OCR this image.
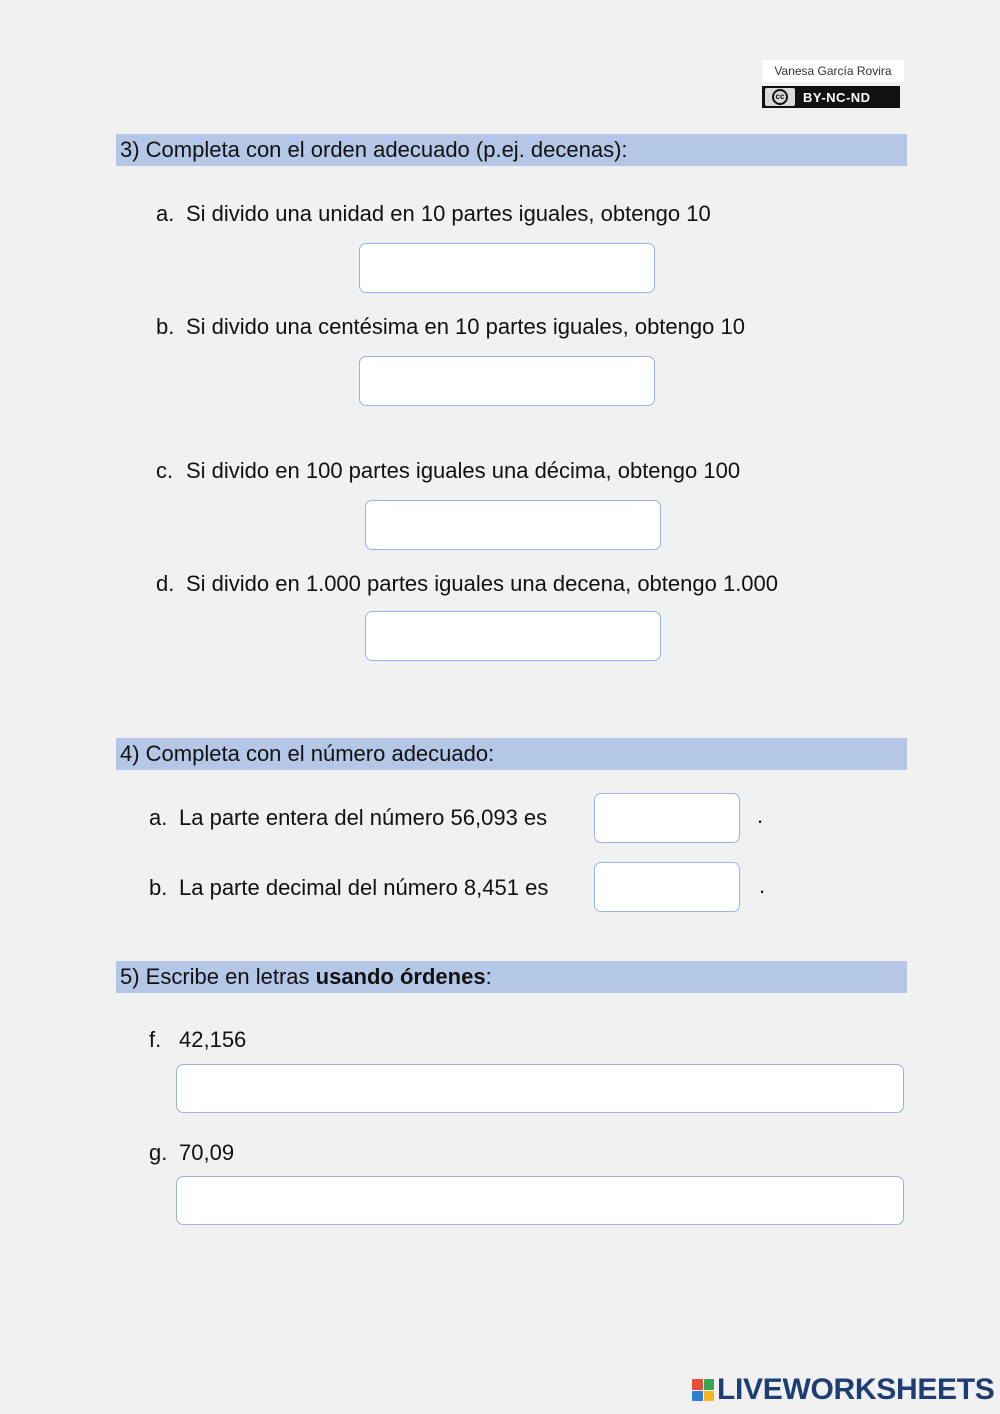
Vanesa García Rovira
cc BY-NC-ND
3) Completa con el orden adecuado (p.ej. decenas):
a. Si divido una unidad en 10 partes iguales, obtengo 10
b. Si divido una centésima en 10 partes iguales, obtengo 10
c. Si divido en 100 partes iguales una décima, obtengo 100
d. Si divido en 1.000 partes iguales una decena, obtengo 1.000
4) Completa con el número adecuado:
a. La parte entera del número 56,093 es	.
b. La parte decimal del número 8,451 es	.
5) Escribe en letras usando órdenes:
f. 42,156
g. 70,09
LIVEWORKSHEETS
